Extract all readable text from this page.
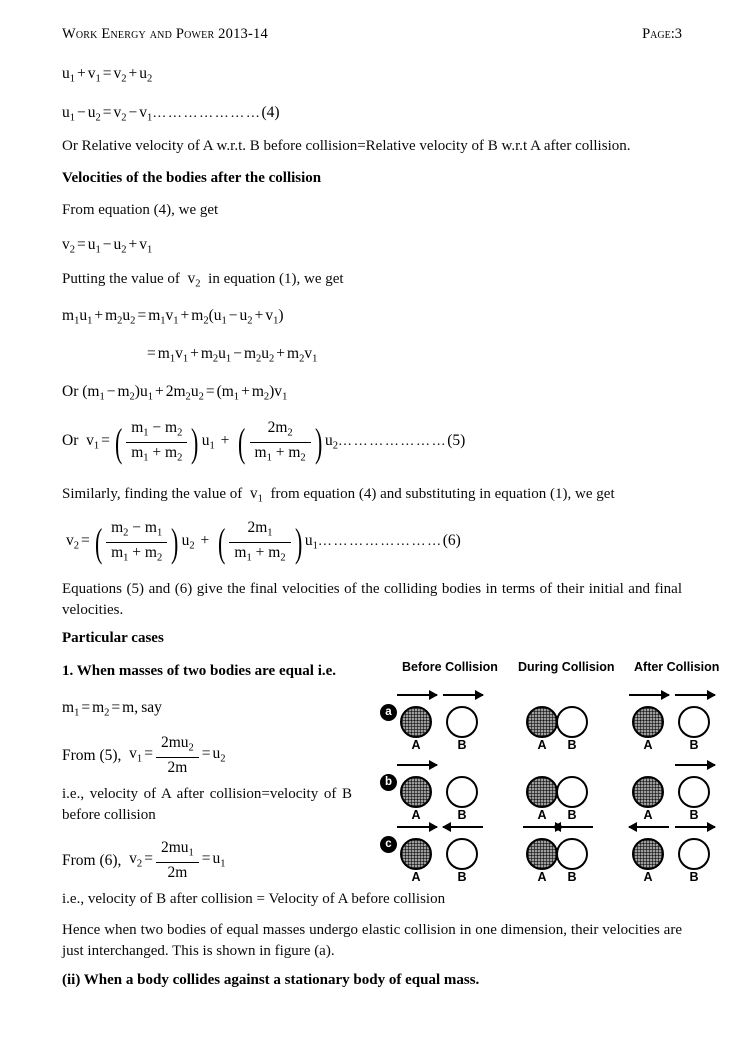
Work Energy and Power 2013-14	Page:3
$u_1 + v_1 = v_2 + u_2$
$u_1 - u_2 = v_2$ − $v_1\dots\dots\dots\dots\dots\dots\dots(4)$
Or Relative velocity of A w.r.t. B before collision=Relative velocity of B w.r.t A after collision.
Velocities of the bodies after the collision
From equation (4), we get
$v_2 = u_1 - u_2 + v_1$
Putting the value of  $v_2$ in equation (1), we get
$m_1u_1 + m_2u_2 = m_1v_1 + m_2(u_1 - u_2 + v_1)$
= $m_1v_1 + m_2u_1 - m_2u_2 + m_2v_1$
Or $(m_1 - m_2)u_1 + 2m_2u_2 = (m_1 + m_2)v_1$
Or  $v_1$ = ( $\frac{m_1 - m_2}{m_1 + m_2}$ ) $u_1$ + ( $\frac{2m_2}{m_1 + m_2}$ ) $u_2\dots\dots\dots\dots\dots\dots\dots(5)$
Similarly, finding the value of  $v_1$ from equation (4) and substituting in equation (1), we get
$v_2$ = ( $\frac{m_2 - m_1}{m_1 + m_2}$ ) $u_2$ + ( $\frac{2m_1}{m_1 + m_2}$ ) $u_1\dots\dots\dots\dots\dots\dots\dots\dots(6)$
Equations (5) and (6) give the final velocities of the colliding bodies in terms of their initial and final velocities.
Particular cases
1. When masses of two bodies are equal i.e.
$m_1 = m_2 = m$, say
From (5),  $v_1 = \frac{2mu_2}{2m} = u_2$
i.e., velocity of A after collision=velocity of B before collision
From (6),  $v_2 = \frac{2mu_1}{2m} = u_1$
i.e., velocity of B after collision = Velocity of A before collision
Hence when two bodies of equal masses undergo elastic collision in one dimension, their velocities are just interchanged. This is shown in figure (a).
(ii) When a body collides against a stationary body of equal mass.
Before Collision During Collision After Collision
a
A	B	A	B	A	B
b
A	B	A	B	A	B
c
A	B	A	B	A	B
